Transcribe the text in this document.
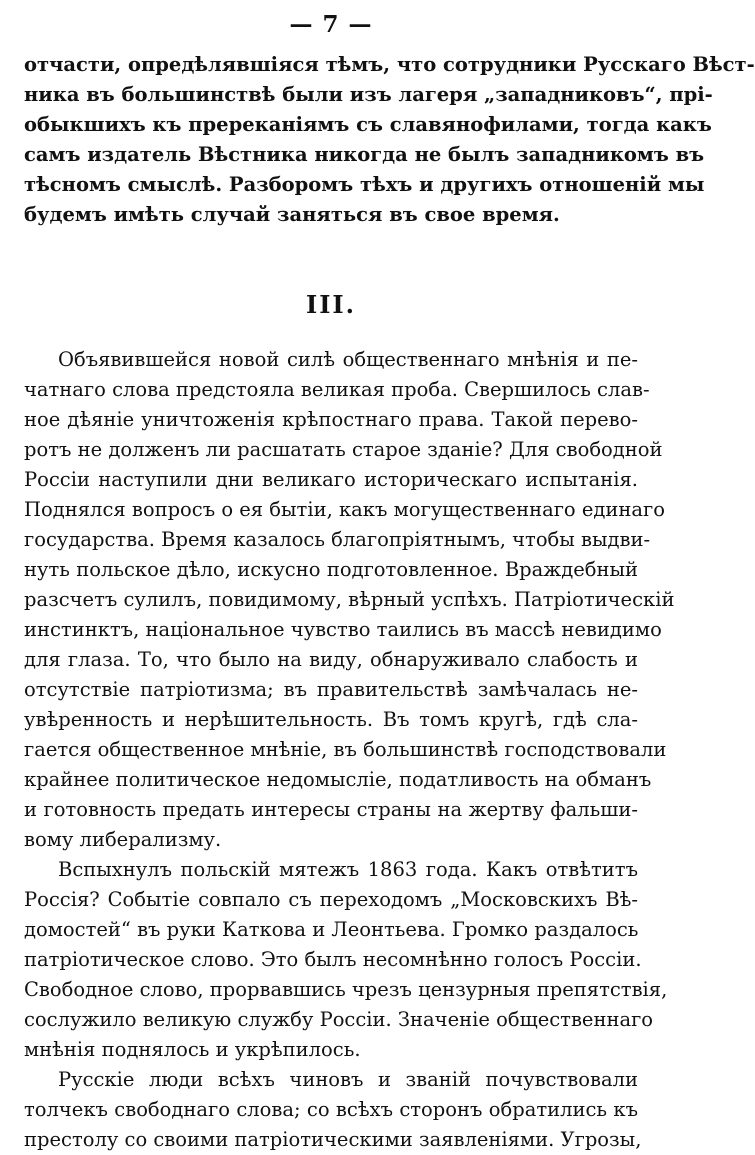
— 7 —
отчасти, опредѣлявшіяся тѣмъ, что сотрудники Русскаго Вѣст-
ника въ большинствѣ были изъ лагеря „западниковъ“, прі-
обыкшихъ къ пререканіямъ съ славянофилами, тогда какъ
самъ издатель Вѣстника никогда не былъ западникомъ въ
тѣсномъ смыслѣ. Разборомъ тѣхъ и другихъ отношеній мы
будемъ имѣть случай заняться въ свое время.
III.
Объявившейся новой силѣ общественнаго мнѣнія и пе-
чатнаго слова предстояла великая проба. Свершилось слав-
ное дѣяніе уничтоженія крѣпостнаго права. Такой перево-
ротъ не долженъ ли расшатать старое зданіе? Для свободной
Россіи наступили дни великаго историческаго испытанія.
Поднялся вопросъ о ея бытіи, какъ могущественнаго единаго
государства. Время казалось благопріятнымъ, чтобы выдви-
нуть польское дѣло, искусно подготовленное. Враждебный
разсчетъ сулилъ, повидимому, вѣрный успѣхъ. Патріотическій
инстинктъ, національное чувство таились въ массѣ невидимо
для глаза. То, что было на виду, обнаруживало слабость и
отсутствіе патріотизма; въ правительствѣ замѣчалась не-
увѣренность и нерѣшительность. Въ томъ кругѣ, гдѣ сла-
гается общественное мнѣніе, въ большинствѣ господствовали
крайнее политическое недомысліе, податливость на обманъ
и готовность предать интересы страны на жертву фальши-
вому либерализму.
Вспыхнулъ польскій мятежъ 1863 года. Какъ отвѣтитъ
Россія? Событіе совпало съ переходомъ „Московскихъ Вѣ-
домостей“ въ руки Каткова и Леонтьева. Громко раздалось
патріотическое слово. Это былъ несомнѣнно голосъ Россіи.
Свободное слово, прорвавшись чрезъ цензурныя препятствія,
сослужило великую службу Россіи. Значеніе общественнаго
мнѣнія поднялось и укрѣпилось.
Русскіе люди всѣхъ чиновъ и званій почувствовали
толчекъ свободнаго слова; со всѣхъ сторонъ обратились къ
престолу со своими патріотическими заявленіями. Угрозы,
